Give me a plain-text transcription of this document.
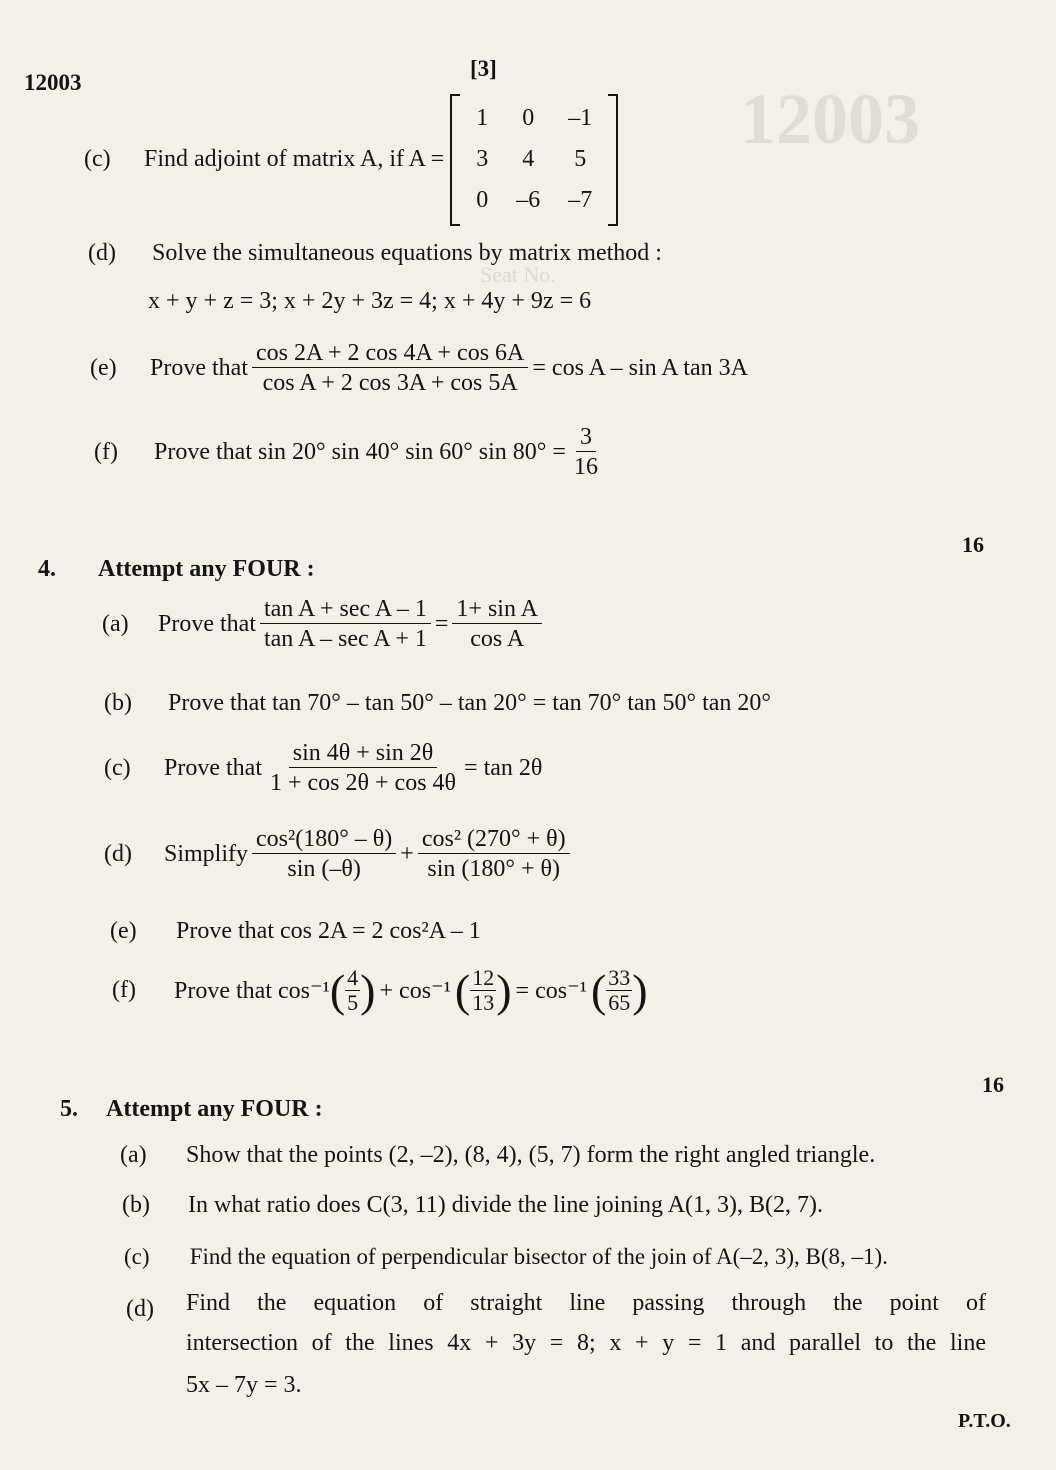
12003
Seat No.
12003
[3]
(c)	Find adjoint of matrix A, if A =
1	0	–1
3	4	5
0	–6	–7
(d) Solve the simultaneous equations by matrix method :
x + y + z = 3; x + 2y + 3z = 4; x + 4y + 9z = 6
(e)	Prove that $\frac{\cos 2A + 2 \cos 4A + \cos 6A}{\text{cos A + 2 cos 3A + cos 5A}} = \cos A - \sin A$ tan 3A
(f)	Prove that sin 20° sin 40° sin 60° $\sin 80^\circ = \frac{3}{16}$
16
4. Attempt any FOUR :
(a)	Prove that $\frac{\text{tan A + sec A – 1}}{\text{tan A – sec A + 1}} = \frac{\text{1+ sin A}}{\text{cos A}}$
(b) Prove that tan 70° – tan 50° – tan 20° = tan 70° tan 50° tan 20°
(c)	Prove that $\frac{\sin 4\theta + \sin 2\theta}{1 + \cos 2\theta + \cos 4\theta} = \tan 2\theta$
(d)	Simplify $\frac{\text{cos²(180° – θ)}}{\sin (-\theta)} + \frac{\text{cos² (270° + θ)}}{\sin (180^\circ + \theta)}$
(e) Prove that cos 2A = 2 cos²A – 1
(f)	Prove that cos⁻¹ ( $\frac{4}{5}$ ) + cos⁻¹ ( $\frac{12}{13}$ ) = cos⁻¹ ( $\frac{33}{65}$ )
16
5. Attempt any FOUR :
(a) Show that the points (2, –2), (8, 4), (5, 7) form the right angled triangle.
(b) In what ratio does C(3, 11) divide the line joining A(1, 3), B(2, 7).
(c) Find the equation of perpendicular bisector of the join of A(–2, 3), B(8, –1).
(d)	Find the equation of straight line passing through the point of
intersection of the lines 4x + 3y = 8; x + y = 1 and parallel to the line
5x – 7y = 3.
P.T.O.
